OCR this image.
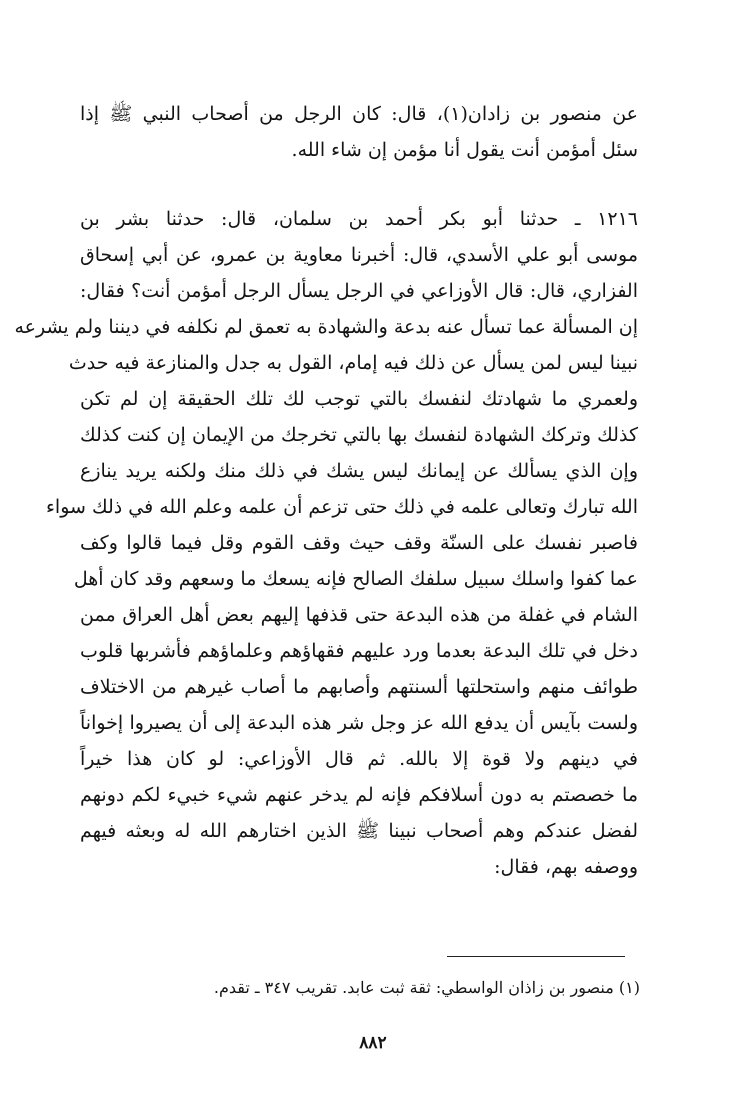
عن منصور بن زادان(١)، قال: كان الرجل من أصحاب النبي ﷺ إذا
سئل أمؤمن أنت يقول أنا مؤمن إن شاء الله.
١٢١٦ ـ حدثنا أبو بكر أحمد بن سلمان، قال: حدثنا بشر بن
موسى أبو علي الأسدي، قال: أخبرنا معاوية بن عمرو، عن أبي إسحاق
الفزاري، قال: قال الأوزاعي في الرجل يسأل الرجل أمؤمن أنت؟ فقال:
إن المسألة عما تسأل عنه بدعة والشهادة به تعمق لم نكلفه في ديننا ولم يشرعه
نبينا ليس لمن يسأل عن ذلك فيه إمام، القول به جدل والمنازعة فيه حدث
ولعمري ما شهادتك لنفسك بالتي توجب لك تلك الحقيقة إن لم تكن
كذلك وتركك الشهادة لنفسك بها بالتي تخرجك من الإيمان إن كنت كذلك
وإن الذي يسألك عن إيمانك ليس يشك في ذلك منك ولكنه يريد ينازع
الله تبارك وتعالى علمه في ذلك حتى تزعم أن علمه وعلم الله في ذلك سواء
فاصبر نفسك على السنّة وقف حيث وقف القوم وقل فيما قالوا وكف
عما كفوا واسلك سبيل سلفك الصالح فإنه يسعك ما وسعهم وقد كان أهل
الشام في غفلة من هذه البدعة حتى قذفها إليهم بعض أهل العراق ممن
دخل في تلك البدعة بعدما ورد عليهم فقهاؤهم وعلماؤهم فأشربها قلوب
طوائف منهم واستحلتها ألسنتهم وأصابهم ما أصاب غيرهم من الاختلاف
ولست بآيس أن يدفع الله عز وجل شر هذه البدعة إلى أن يصيروا إخواناً
في دينهم ولا قوة إلا بالله. ثم قال الأوزاعي: لو كان هذا خيراً
ما خصصتم به دون أسلافكم فإنه لم يدخر عنهم شيء خبيء لكم دونهم
لفضل عندكم وهم أصحاب نبينا ﷺ الذين اختارهم الله له وبعثه فيهم
ووصفه بهم، فقال:
(١) منصور بن زاذان الواسطي: ثقة ثبت عابد. تقريب ٣٤٧ ـ تقدم.
٨٨٢
